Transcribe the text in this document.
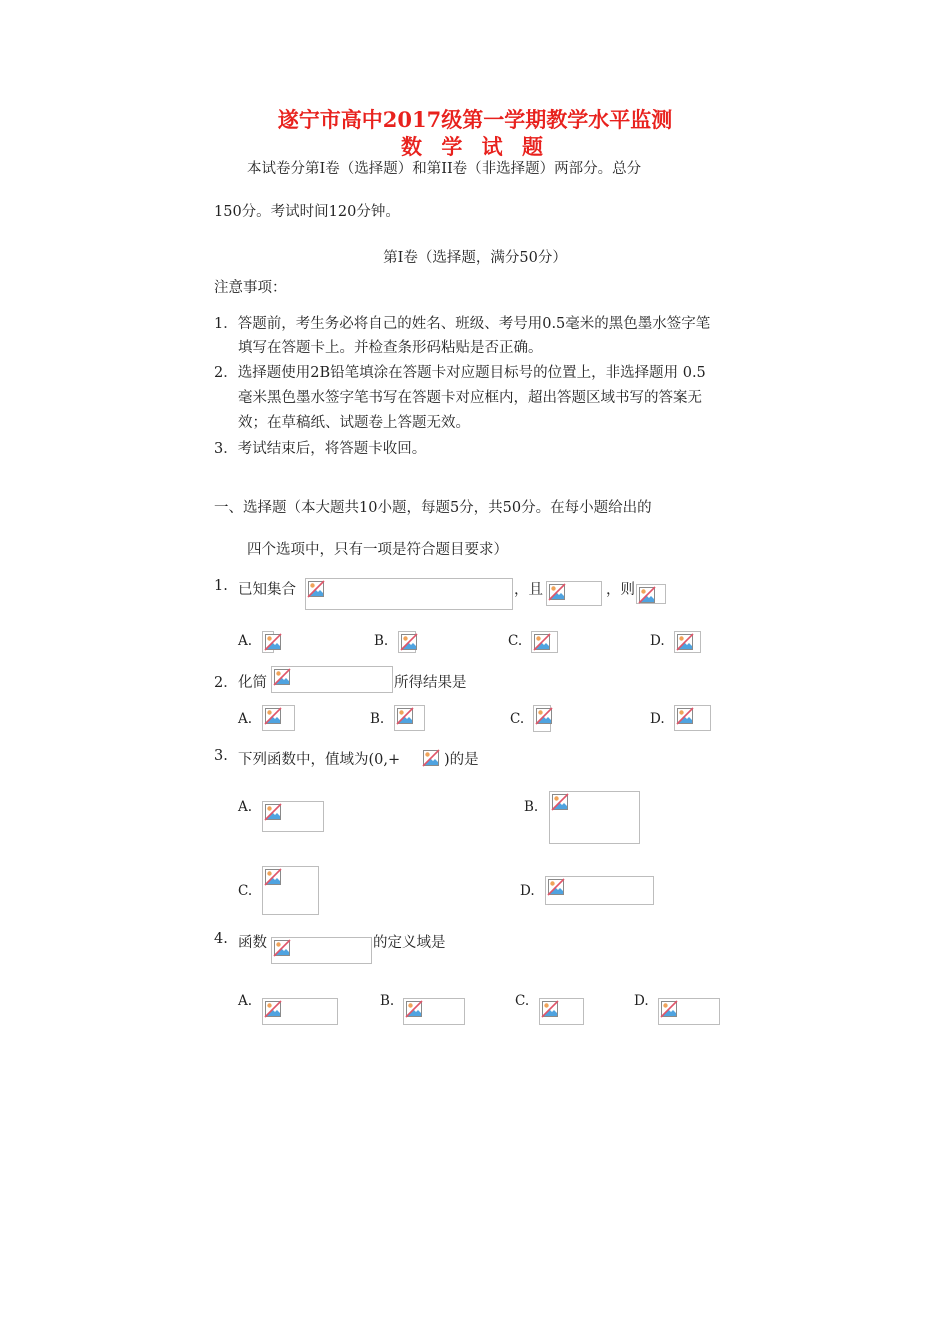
遂宁市高中2017级第一学期教学水平监测
数 学 试 题
本试卷分第Ⅰ卷（选择题）和第II卷（非选择题）两部分。总分
150分。考试时间120分钟。
第Ⅰ卷（选择题，满分50分）
注意事项：
1．答题前，考生务必将自己的姓名、班级、考号用0.5毫米的黑色墨水签字笔
填写在答题卡上。并检查条形码粘贴是否正确。
2．选择题使用2B铅笔填涂在答题卡对应题目标号的位置上，非选择题用 0.5
毫米黑色墨水签字笔书写在答题卡对应框内，超出答题区域书写的答案无
效；在草稿纸、试题卷上答题无效。
3．考试结束后，将答题卡收回。
一、选择题（本大题共10小题，每题5分，共50分。在每小题给出的
四个选项中，只有一项是符合题目要求）
1. 已知集合	，且	，则
A.	B.	C.	D.
2． 化简	所得结果是
A.	B.	C.	D.
3. 下列函数中，值域为(0,+	)的是
A.	B.
C.	D.
4. 函数	的定义域是
A.	B.	C.	D.
